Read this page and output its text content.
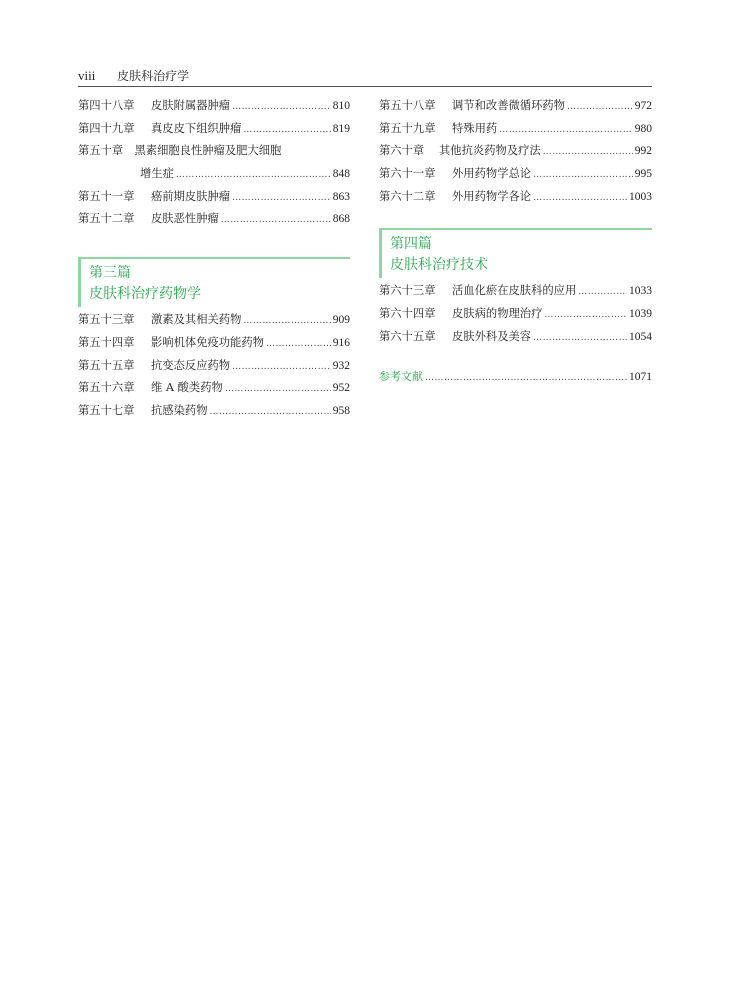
viii 皮肤科治疗学
第四十八章	皮肤附属器肿瘤 ……………………………………………………………………………………………………………………………………	810
第四十九章	真皮皮下组织肿瘤 ……………………………………………………………………………………………………………………………………	819
第五十章　黑素细胞良性肿瘤及肥大细胞
增生症 ……………………………………………………………………………………………………………………………………	848
第五十一章	癌前期皮肤肿瘤 ……………………………………………………………………………………………………………………………………	863
第五十二章	皮肤恶性肿瘤 ……………………………………………………………………………………………………………………………………	868
第三篇
皮肤科治疗药物学
第五十三章	激素及其相关药物 ……………………………………………………………………………………………………………………………………	909
第五十四章	影响机体免疫功能药物 ……………………………………………………………………………………………………………………………………	916
第五十五章	抗变态反应药物 ……………………………………………………………………………………………………………………………………	932
第五十六章	维 A 酸类药物 ……………………………………………………………………………………………………………………………………	952
第五十七章	抗感染药物 ……………………………………………………………………………………………………………………………………	958
第五十八章	调节和改善微循环药物 ……………………………………………………………………………………………………………………………………	972
第五十九章	特殊用药 ……………………………………………………………………………………………………………………………………	980
第六十章	其他抗炎药物及疗法 ……………………………………………………………………………………………………………………………………	992
第六十一章	外用药物学总论 ……………………………………………………………………………………………………………………………………	995
第六十二章	外用药物学各论 ……………………………………………………………………………………………………………………………………	1003
第四篇
皮肤科治疗技术
第六十三章	活血化瘀在皮肤科的应用 ……………………………………………………………………………………………………………………………………	1033
第六十四章	皮肤病的物理治疗 ……………………………………………………………………………………………………………………………………	1039
第六十五章	皮肤外科及美容 ……………………………………………………………………………………………………………………………………	1054
参考文献 ……………………………………………………………………………………………………………………………………	1071
